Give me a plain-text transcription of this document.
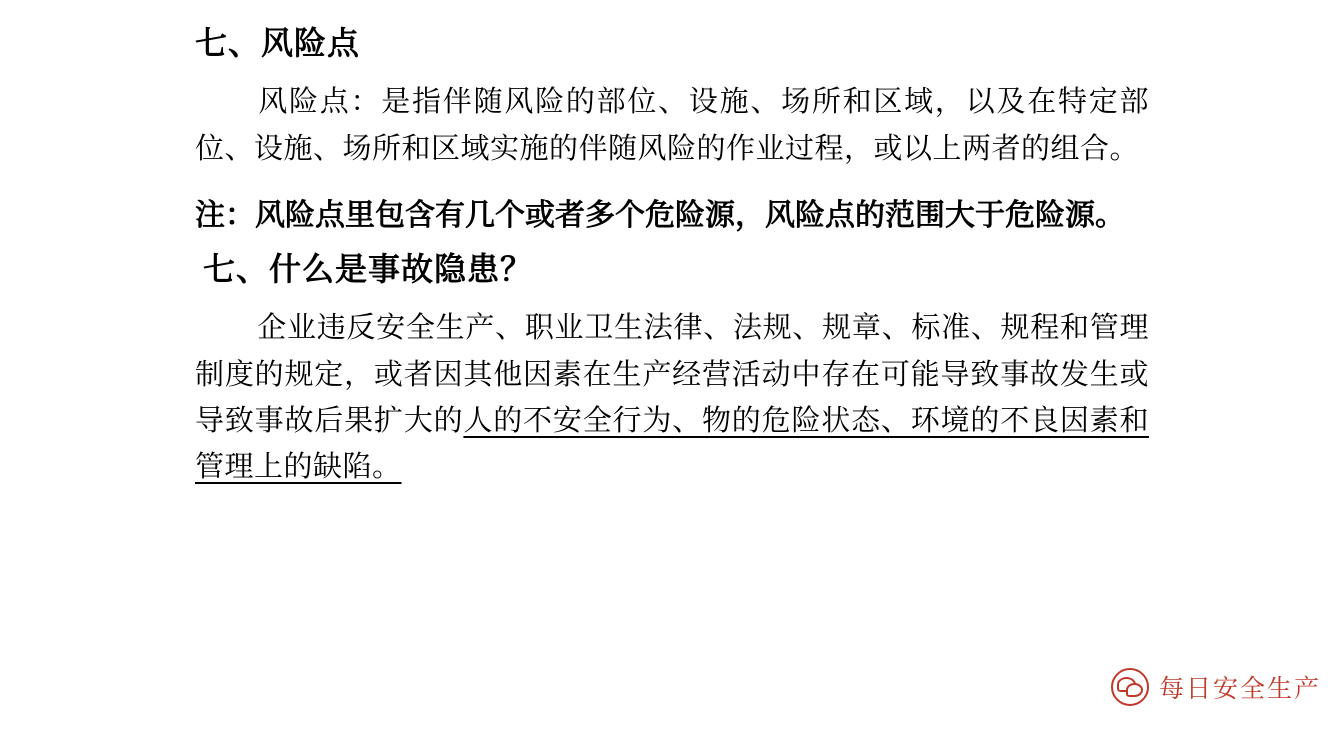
七、风险点

风险点：是指伴随风险的部位、设施、场所和区域，以及在特定部位、设施、场所和区域实施的伴随风险的作业过程，或以上两者的组合。

注：风险点里包含有几个或者多个危险源，风险点的范围大于危险源。

七、什么是事故隐患？

企业违反安全生产、职业卫生法律、法规、规章、标准、规程和管理制度的规定，或者因其他因素在生产经营活动中存在可能导致事故发生或导致事故后果扩大的人的不安全行为、物的危险状态、环境的不良因素和管理上的缺陷。

每日安全生产
